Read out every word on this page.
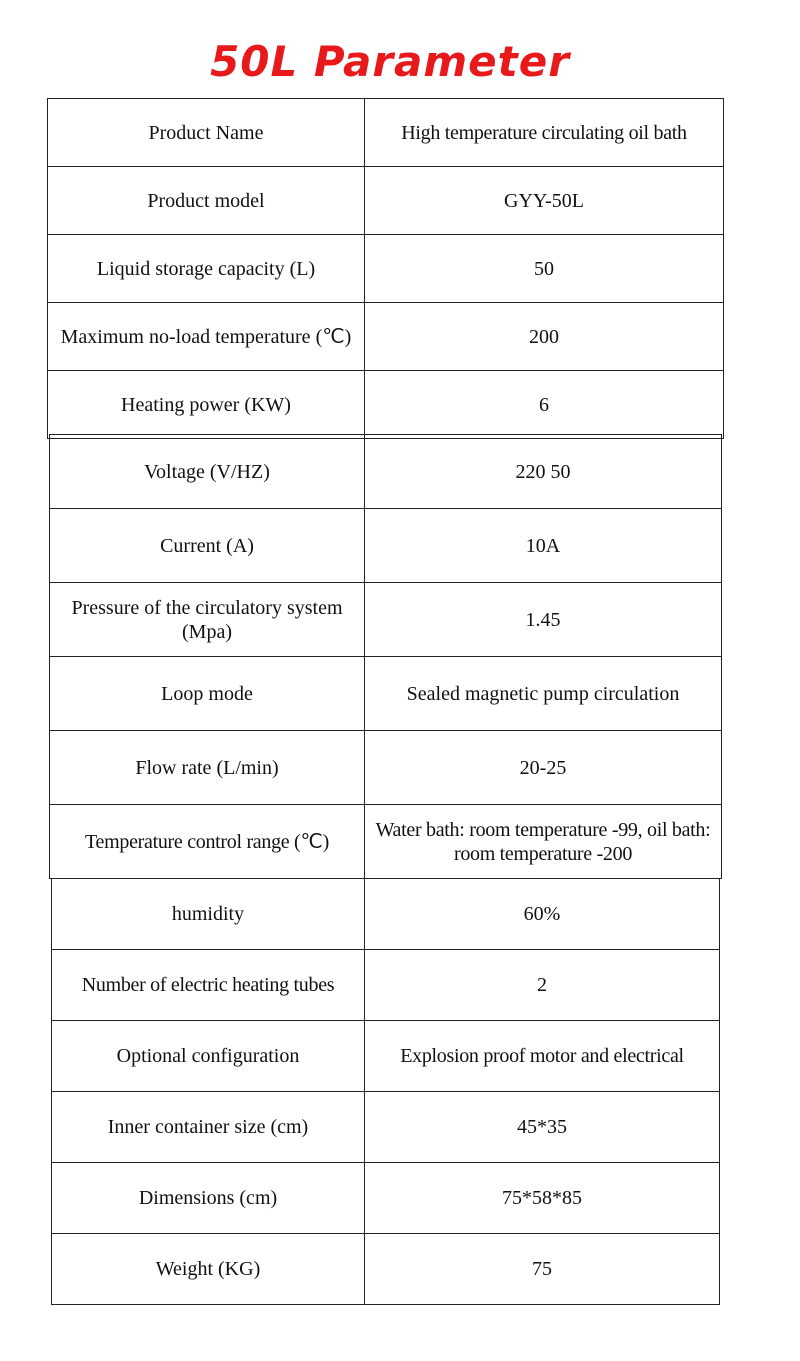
50L Parameter
Product Name	High temperature circulating oil bath
Product model	GYY-50L
Liquid storage capacity (L)	50
Maximum no-load temperature (℃)	200
Heating power (KW)	6
Voltage (V/HZ)	220 50
Current (A)	10A
Pressure of the circulatory system (Mpa)	1.45
Loop mode	Sealed magnetic pump circulation
Flow rate (L/min)	20-25
Temperature control range (℃)	Water bath: room temperature -99, oil bath: room temperature -200
humidity	60%
Number of electric heating tubes	2
Optional configuration	Explosion proof motor and electrical
Inner container size (cm)	45*35
Dimensions (cm)	75*58*85
Weight (KG)	75
